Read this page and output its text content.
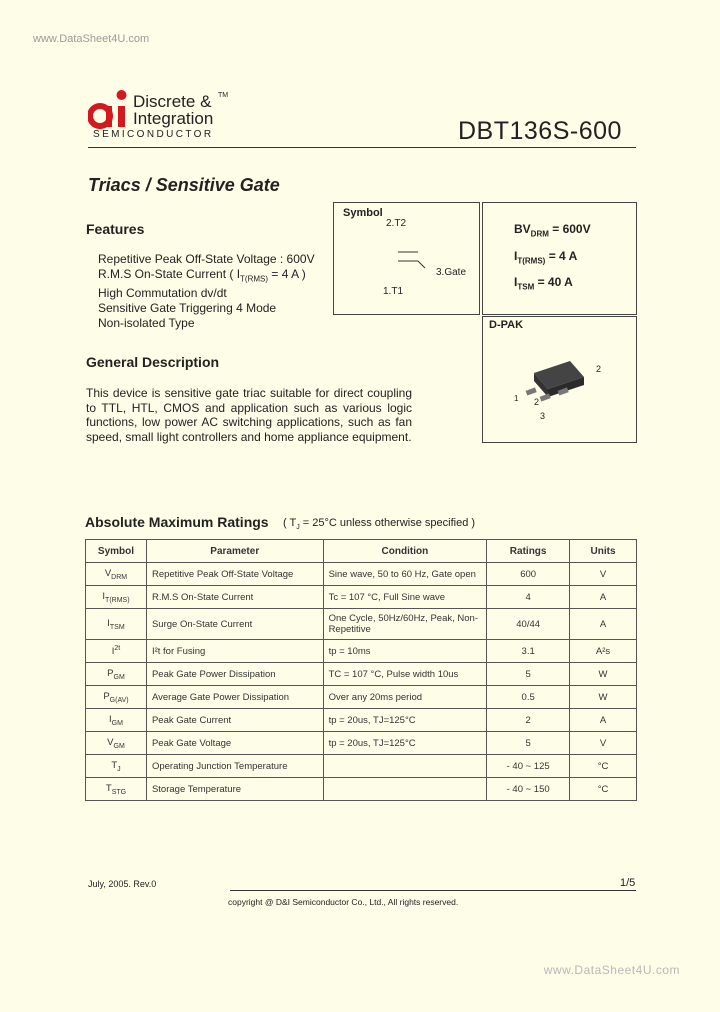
www.DataSheet4U.com
Discrete &
Integration
TM
SEMICONDUCTOR	DBT136S-600
Triacs / Sensitive Gate
Features
Repetitive Peak Off-State Voltage : 600V
R.M.S On-State Current ( $I_{T(RMS)} = 4$ A )
High Commutation dv/dt
Sensitive Gate Triggering 4 Mode
Non-isolated Type
General Description
This device is sensitive gate triac suitable for direct coupling to TTL, HTL, CMOS and application such as various logic functions, low power AC switching applications, such as fan speed, small light controllers and home appliance equipment.
Symbol
2.T2
3.Gate
1.T1
$BV_{DRM} = 600V$
$I_{T(RMS)} = 4$ A
$I_{TSM} = 40$ A
D-PAK
2
1 2
3
Absolute Maximum Ratings ( $T_J = 25^\circ C$ unless otherwise specified )
Symbol	Parameter	Condition	Ratings	Units
$V_{DRM}$	Repetitive Peak Off-State Voltage	Sine wave, 50 to 60 Hz, Gate open	600	V
$I_{T(RMS)}$	R.M.S On-State Current	Tc = 107 °C, Full Sine wave	4	A
$I_{TSM}$	Surge On-State Current	One Cycle, 50Hz/60Hz, Peak, Non-Repetitive	40/44	A
$I^{2t}$	I²t for Fusing	tp = 10ms	3.1	A²s
$P_{GM}$	Peak Gate Power Dissipation	TC = 107 °C, Pulse width 10us	5	W
$P_{G(AV)}$	Average Gate Power Dissipation	Over any 20ms period	0.5	W
$I_{GM}$	Peak Gate Current	tp = 20us, TJ=125°C	2	A
$V_{GM}$	Peak Gate Voltage	tp = 20us, TJ=125°C	5	V
$T_J$	Operating Junction Temperature		- 40 ~ 125	°C
$T_{STG}$	Storage Temperature		- 40 ~ 150	°C
July, 2005. Rev.0	1/5
copyright @ D&I Semiconductor Co., Ltd., All rights reserved.
www.DataSheet4U.com
